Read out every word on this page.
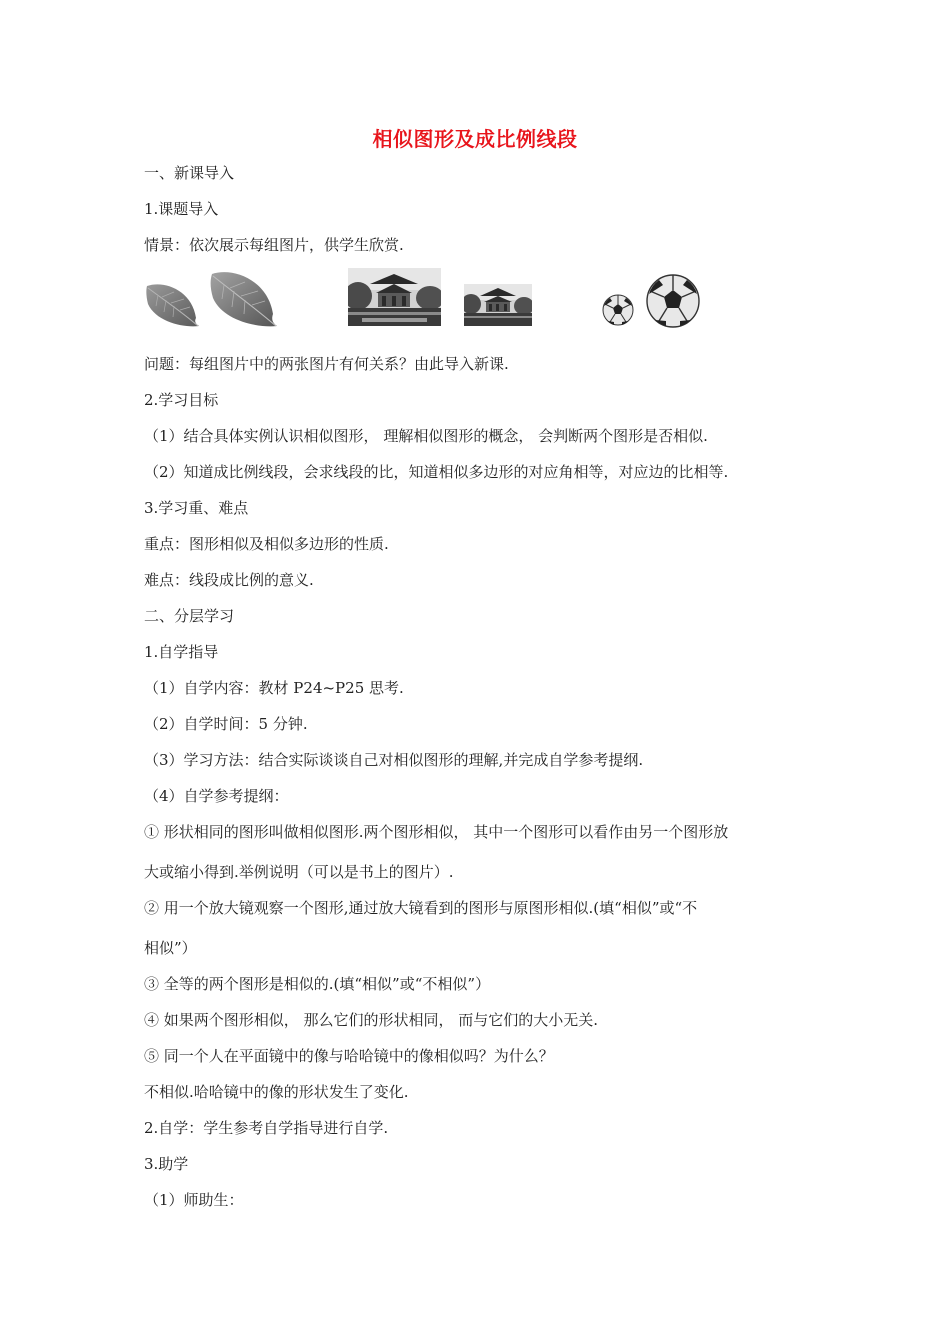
相似图形及成比例线段
一、新课导入
1.课题导入
情景：依次展示每组图片，供学生欣赏.
问题：每组图片中的两张图片有何关系？由此导入新课.
2.学习目标
（1）结合具体实例认识相似图形， 理解相似图形的概念， 会判断两个图形是否相似.
（2）知道成比例线段，会求线段的比，知道相似多边形的对应角相等，对应边的比相等.
3.学习重、难点
重点：图形相似及相似多边形的性质.
难点：线段成比例的意义.
二、分层学习
1.自学指导
（1）自学内容：教材 P24~P25 思考.
（2）自学时间：5 分钟.
（3）学习方法：结合实际谈谈自己对相似图形的理解,并完成自学参考提纲.
（4）自学参考提纲：
① 形状相同的图形叫做相似图形.两个图形相似， 其中一个图形可以看作由另一个图形放
大或缩小得到.举例说明（可以是书上的图片）.
② 用一个放大镜观察一个图形,通过放大镜看到的图形与原图形相似.(填“相似”或“不
相似”）
③ 全等的两个图形是相似的.(填“相似”或“不相似”）
④ 如果两个图形相似， 那么它们的形状相同， 而与它们的大小无关.
⑤ 同一个人在平面镜中的像与哈哈镜中的像相似吗？为什么？
不相似.哈哈镜中的像的形状发生了变化.
2.自学：学生参考自学指导进行自学.
3.助学
（1）师助生：
